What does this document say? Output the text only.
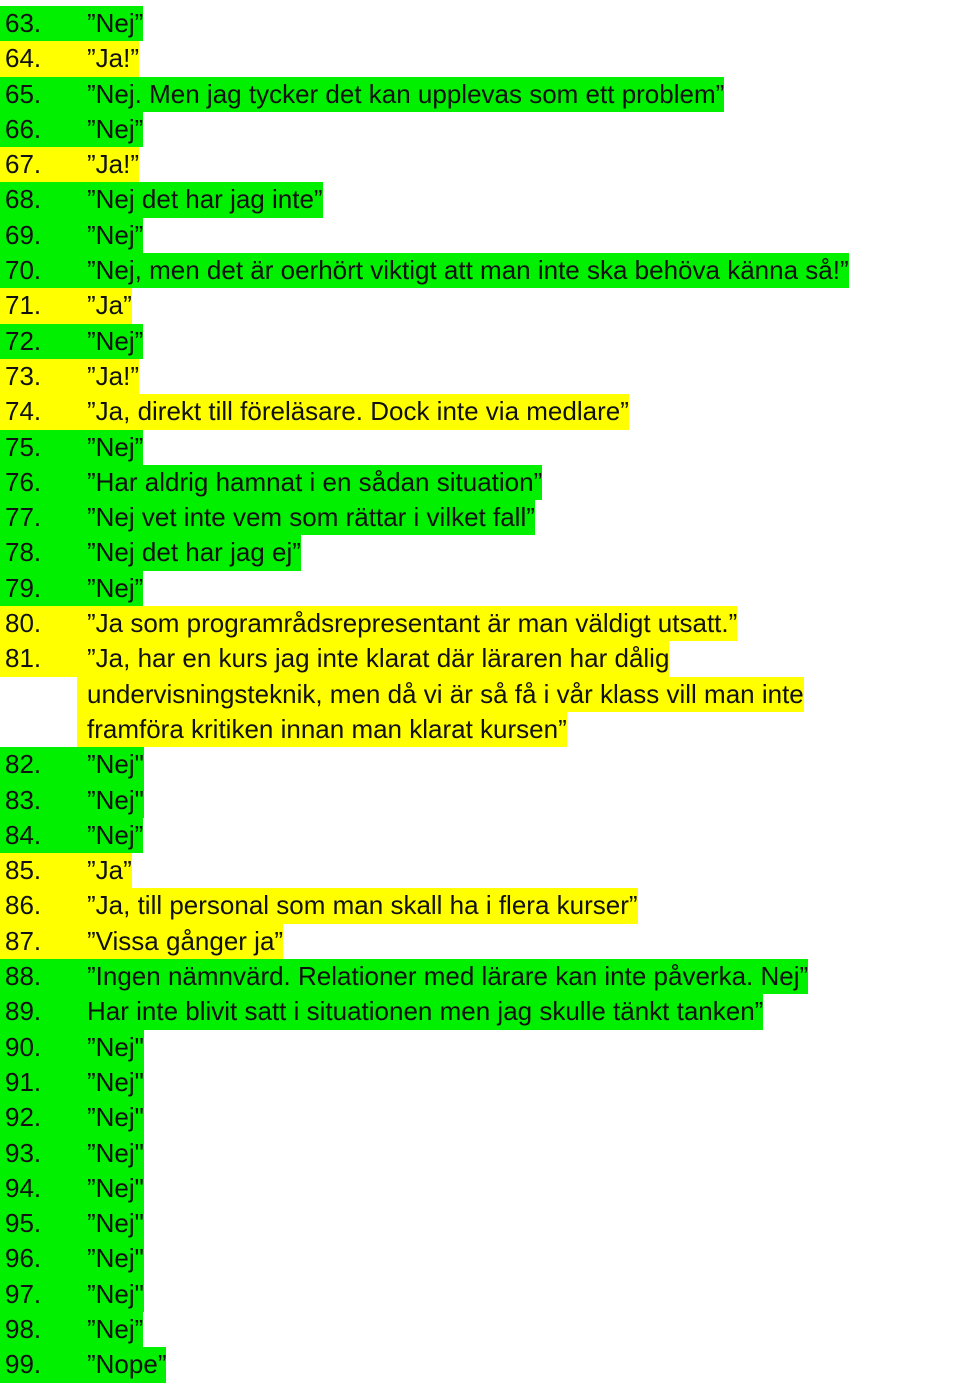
63.	”Nej”
64.	”Ja!”
65.	”Nej. Men jag tycker det kan upplevas som ett problem”
66.	”Nej”
67.	”Ja!”
68.	”Nej det har jag inte”
69.	”Nej”
70.	”Nej, men det är oerhört viktigt att man inte ska behöva känna så!”
71.	”Ja”
72.	”Nej”
73.	”Ja!”
74.	”Ja, direkt till föreläsare. Dock inte via medlare”
75.	”Nej”
76.	”Har aldrig hamnat i en sådan situation”
77.	”Nej vet inte vem som rättar i vilket fall”
78.	”Nej det har jag ej”
79.	”Nej”
80.	”Ja som programrådsrepresentant är man väldigt utsatt.”
81.	”Ja, har en kurs jag inte klarat där läraren har dålig
undervisningsteknik, men då vi är så få i vår klass vill man inte
framföra kritiken innan man klarat kursen”
82.	”Nej"
83.	”Nej"
84.	”Nej”
85.	”Ja”
86.	”Ja, till personal som man skall ha i flera kurser”
87.	”Vissa gånger ja”
88.	”Ingen nämnvärd. Relationer med lärare kan inte påverka. Nej”
89.	Har inte blivit satt i situationen men jag skulle tänkt tanken”
90.	”Nej"
91.	”Nej"
92.	”Nej"
93.	”Nej"
94.	”Nej"
95.	”Nej"
96.	”Nej"
97.	”Nej"
98.	”Nej”
99.	”Nope”
